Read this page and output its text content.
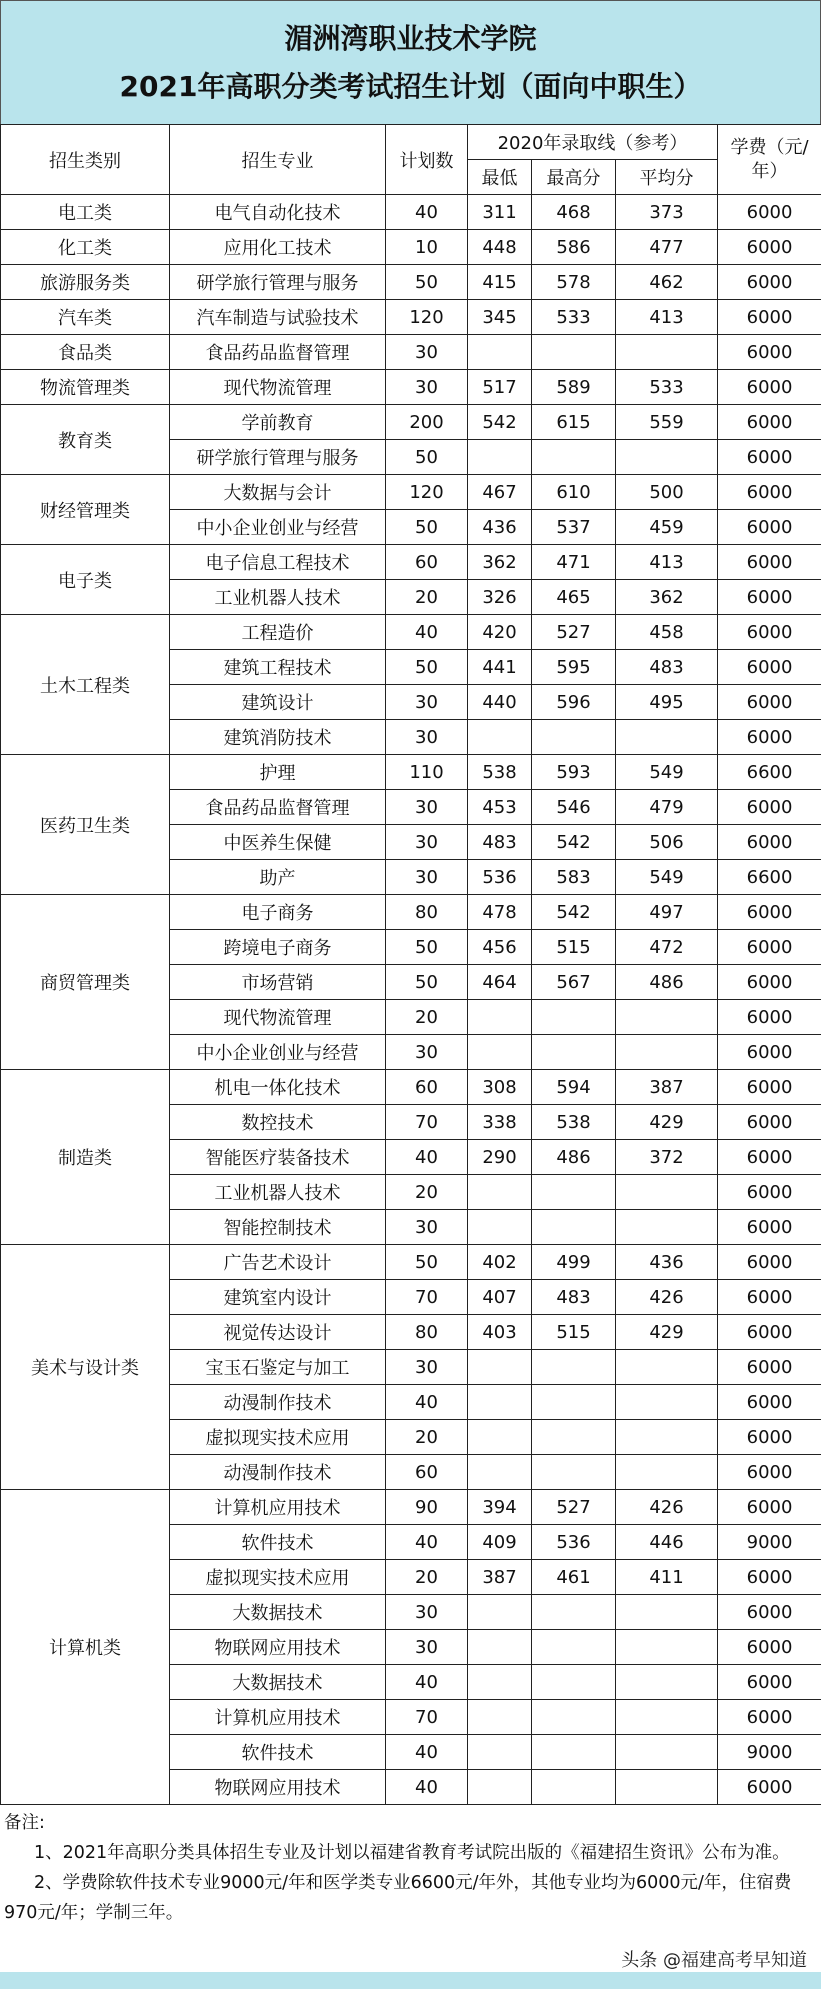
湄洲湾职业技术学院
2021年高职分类考试招生计划（面向中职生）
招生类别	招生专业	计划数	2020年录取线（参考）			学费（元/年）
			最低	最高分	平均分	
电工类	电气自动化技术	40	311	468	373	6000
化工类	应用化工技术	10	448	586	477	6000
旅游服务类	研学旅行管理与服务	50	415	578	462	6000
汽车类	汽车制造与试验技术	120	345	533	413	6000
食品类	食品药品监督管理	30				6000
物流管理类	现代物流管理	30	517	589	533	6000
教育类	学前教育	200	542	615	559	6000
	研学旅行管理与服务	50				6000
财经管理类	大数据与会计	120	467	610	500	6000
	中小企业创业与经营	50	436	537	459	6000
电子类	电子信息工程技术	60	362	471	413	6000
	工业机器人技术	20	326	465	362	6000
土木工程类	工程造价	40	420	527	458	6000
	建筑工程技术	50	441	595	483	6000
	建筑设计	30	440	596	495	6000
	建筑消防技术	30				6000
医药卫生类	护理	110	538	593	549	6600
	食品药品监督管理	30	453	546	479	6000
	中医养生保健	30	483	542	506	6000
	助产	30	536	583	549	6600
商贸管理类	电子商务	80	478	542	497	6000
	跨境电子商务	50	456	515	472	6000
	市场营销	50	464	567	486	6000
	现代物流管理	20				6000
	中小企业创业与经营	30				6000
制造类	机电一体化技术	60	308	594	387	6000
	数控技术	70	338	538	429	6000
	智能医疗装备技术	40	290	486	372	6000
	工业机器人技术	20				6000
	智能控制技术	30				6000
美术与设计类	广告艺术设计	50	402	499	436	6000
	建筑室内设计	70	407	483	426	6000
	视觉传达设计	80	403	515	429	6000
	宝玉石鉴定与加工	30				6000
	动漫制作技术	40				6000
	虚拟现实技术应用	20				6000
	动漫制作技术	60				6000
计算机类	计算机应用技术	90	394	527	426	6000
	软件技术	40	409	536	446	9000
	虚拟现实技术应用	20	387	461	411	6000
	大数据技术	30				6000
	物联网应用技术	30				6000
	大数据技术	40				6000
	计算机应用技术	70				6000
	软件技术	40				9000
	物联网应用技术	40				6000

备注:

1、2021年高职分类具体招生专业及计划以福建省教育考试院出版的《福建招生资讯》公布为准。

2、学费除软件技术专业9000元/年和医学类专业6600元/年外，其他专业均为6000元/年，住宿费970元/年；学制三年。

头条 @福建高考早知道
